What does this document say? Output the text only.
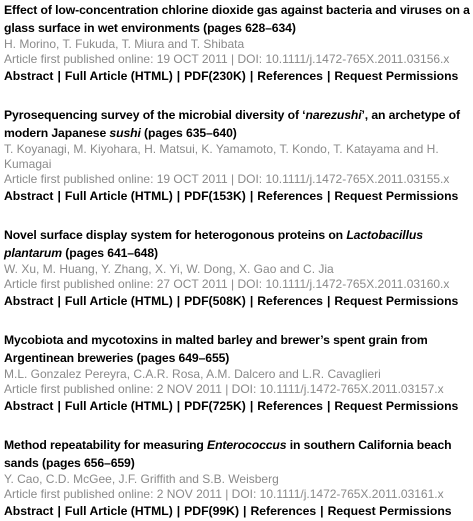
Effect of low-concentration chlorine dioxide gas against bacteria and viruses on a glass surface in wet environments (pages 628–634)
H. Morino, T. Fukuda, T. Miura and T. Shibata
Article first published online: 19 OCT 2011 | DOI: 10.1111/j.1472-765X.2011.03156.x
Abstract | Full Article (HTML) | PDF(230K) | References | Request Permissions
Pyrosequencing survey of the microbial diversity of ‘narezushi’, an archetype of modern Japanese sushi (pages 635–640)
T. Koyanagi, M. Kiyohara, H. Matsui, K. Yamamoto, T. Kondo, T. Katayama and H. Kumagai
Article first published online: 19 OCT 2011 | DOI: 10.1111/j.1472-765X.2011.03155.x
Abstract | Full Article (HTML) | PDF(153K) | References | Request Permissions
Novel surface display system for heterogonous proteins on Lactobacillus plantarum (pages 641–648)
W. Xu, M. Huang, Y. Zhang, X. Yi, W. Dong, X. Gao and C. Jia
Article first published online: 27 OCT 2011 | DOI: 10.1111/j.1472-765X.2011.03160.x
Abstract | Full Article (HTML) | PDF(508K) | References | Request Permissions
Mycobiota and mycotoxins in malted barley and brewer’s spent grain from Argentinean breweries (pages 649–655)
M.L. Gonzalez Pereyra, C.A.R. Rosa, A.M. Dalcero and L.R. Cavaglieri
Article first published online: 2 NOV 2011 | DOI: 10.1111/j.1472-765X.2011.03157.x
Abstract | Full Article (HTML) | PDF(725K) | References | Request Permissions
Method repeatability for measuring Enterococcus in southern California beach sands (pages 656–659)
Y. Cao, C.D. McGee, J.F. Griffith and S.B. Weisberg
Article first published online: 2 NOV 2011 | DOI: 10.1111/j.1472-765X.2011.03161.x
Abstract | Full Article (HTML) | PDF(99K) | References | Request Permissions
